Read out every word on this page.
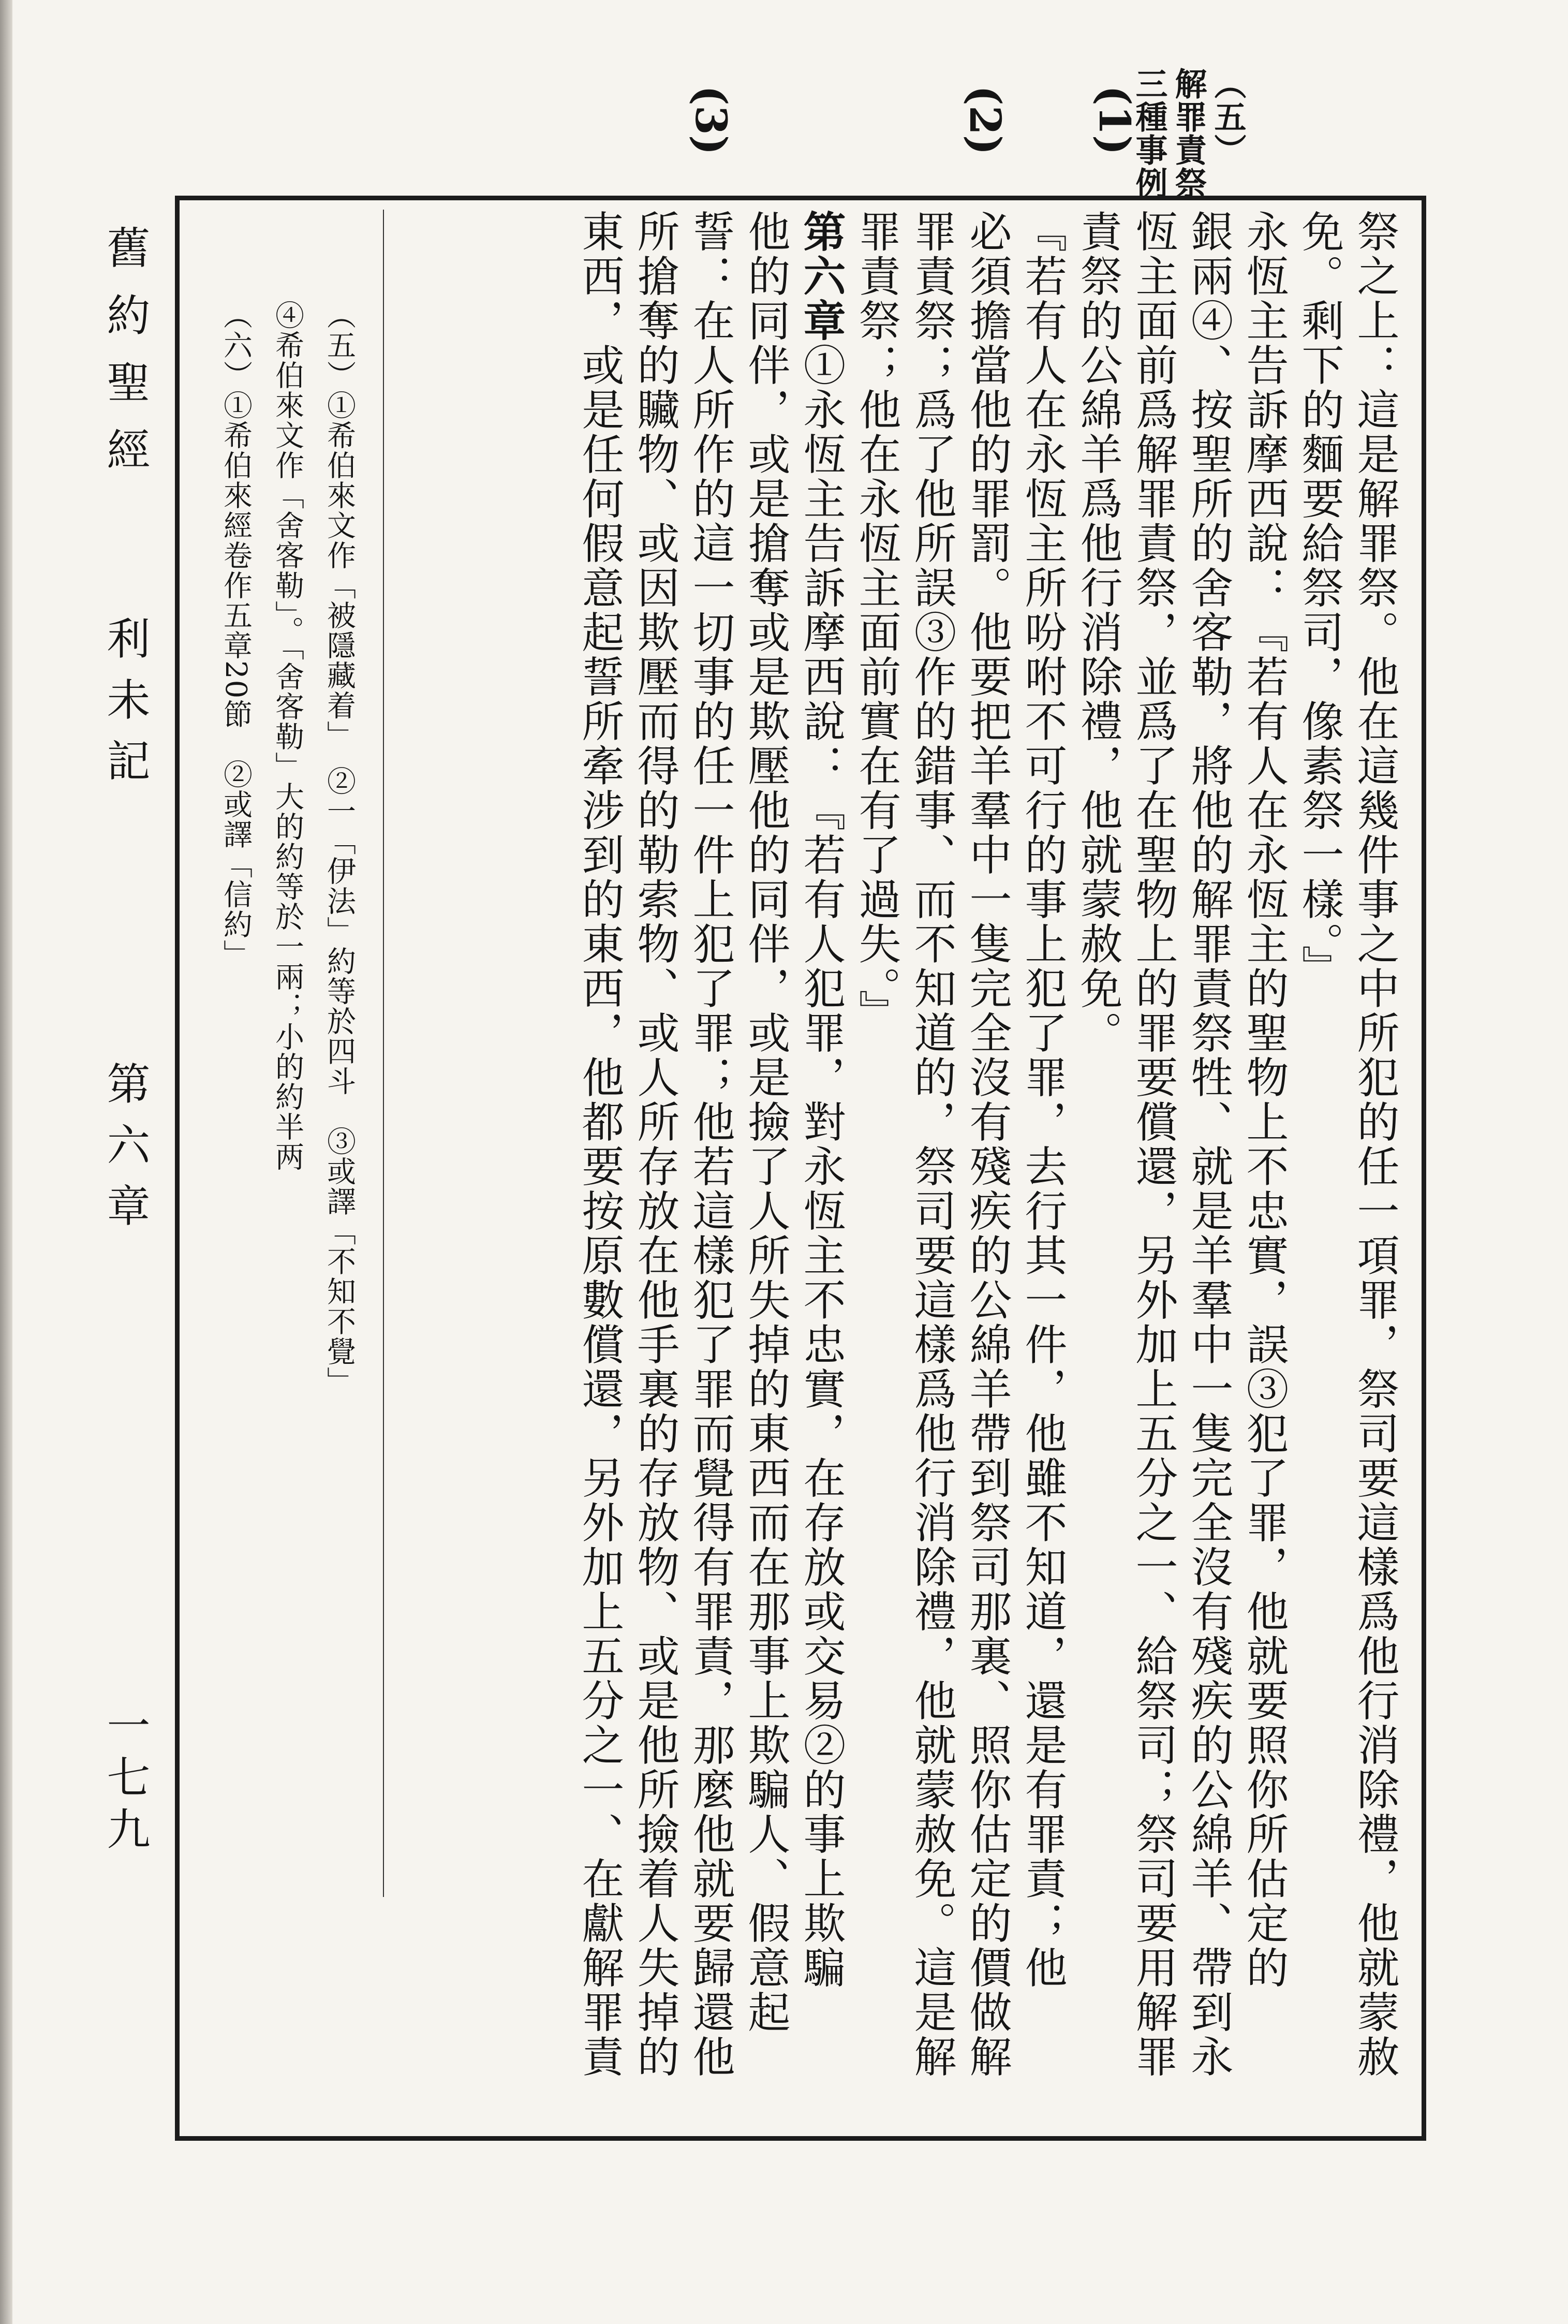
（五）
解罪責祭
三種事例
(1)
(2)
(3)
祭之上：這是解罪祭。他在這幾件事之中所犯的任一項罪，祭司要這樣爲他行消除禮，他就蒙赦
免。剩下的麵要給祭司，像素祭一樣。』
永恆主告訴摩西說：『若有人在永恆主的聖物上不忠實，誤③犯了罪，他就要照你所估定的
銀兩④、按聖所的舍客勒，將他的解罪責祭牲、就是羊羣中一隻完全沒有殘疾的公綿羊、帶到永
恆主面前爲解罪責祭，並爲了在聖物上的罪要償還，另外加上五分之一、給祭司；祭司要用解罪
責祭的公綿羊爲他行消除禮，他就蒙赦免。
『若有人在永恆主所吩咐不可行的事上犯了罪，去行其一件，他雖不知道，還是有罪責；他
必須擔當他的罪罰。他要把羊羣中一隻完全沒有殘疾的公綿羊帶到祭司那裏、照你估定的價做解
罪責祭；爲了他所誤③作的錯事、而不知道的，祭司要這樣爲他行消除禮，他就蒙赦免。這是解
罪責祭；他在永恆主面前實在有了過失。』
第六章①永恆主告訴摩西說：『若有人犯罪，對永恆主不忠實，在存放或交易②的事上欺騙
他的同伴，或是搶奪或是欺壓他的同伴，或是撿了人所失掉的東西而在那事上欺騙人、假意起
誓：在人所作的這一切事的任一件上犯了罪；他若這樣犯了罪而覺得有罪責，那麼他就要歸還他
所搶奪的贜物、或因欺壓而得的勒索物、或人所存放在他手裏的存放物、或是他所撿着人失掉的
東西，或是任何假意起誓所牽涉到的東西，他都要按原數償還，另外加上五分之一、在獻解罪責
（五）①希伯來文作「被隱藏着」　②一「伊法」約等於四斗　③或譯「不知不覺」
④希伯來文作「舍客勒」。「舍客勒」大的約等於一兩；小的約半两
（六）①希伯來經卷作五章20節　②或譯「信約」
舊約聖經
利未記
第六章
一七九
